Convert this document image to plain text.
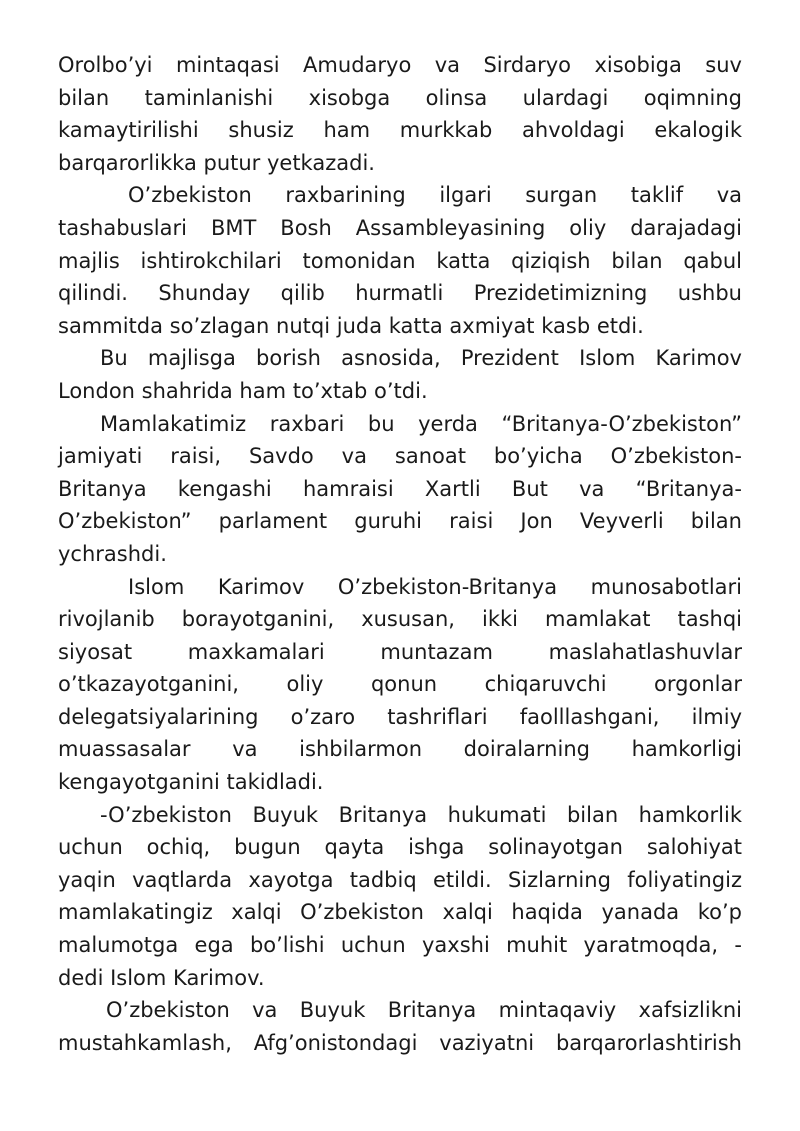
Orolbo’yi mintaqasi Amudaryo va Sirdaryo xisobiga suv
bilan taminlanishi xisobga olinsa ulardagi oqimning
kamaytirilishi shusiz ham murkkab ahvoldagi ekalogik
barqarorlikka putur yetkazadi.
O’zbekiston raxbarining ilgari surgan taklif va
tashabuslari BMT Bosh Assambleyasining oliy darajadagi
majlis ishtirokchilari tomonidan katta qiziqish bilan qabul
qilindi. Shunday qilib hurmatli Prezidetimizning ushbu
sammitda so’zlagan nutqi juda katta axmiyat kasb etdi.
Bu majlisga borish asnosida, Prezident Islom Karimov
London shahrida ham to’xtab o’tdi.
Mamlakatimiz raxbari bu yerda “Britanya-O’zbekiston”
jamiyati raisi, Savdo va sanoat bo’yicha O’zbekiston-
Britanya kengashi hamraisi Xartli But va “Britanya-
O’zbekiston” parlament guruhi raisi Jon Veyverli bilan
ychrashdi.
Islom Karimov O’zbekiston-Britanya munosabotlari
rivojlanib borayotganini, xususan, ikki mamlakat tashqi
siyosat maxkamalari muntazam maslahatlashuvlar
o’tkazayotganini, oliy qonun chiqaruvchi orgonlar
delegatsiyalarining o’zaro tashriflari faolllashgani, ilmiy
muassasalar va ishbilarmon doiralarning hamkorligi
kengayotganini takidladi.
-O’zbekiston Buyuk Britanya hukumati bilan hamkorlik
uchun ochiq, bugun qayta ishga solinayotgan salohiyat
yaqin vaqtlarda xayotga tadbiq etildi. Sizlarning foliyatingiz
mamlakatingiz xalqi O’zbekiston xalqi haqida yanada ko’p
malumotga ega bo’lishi uchun yaxshi muhit yaratmoqda, -
dedi Islom Karimov.
O’zbekiston va Buyuk Britanya mintaqaviy xafsizlikni
mustahkamlash, Afg’onistondagi vaziyatni barqarorlashtirish
